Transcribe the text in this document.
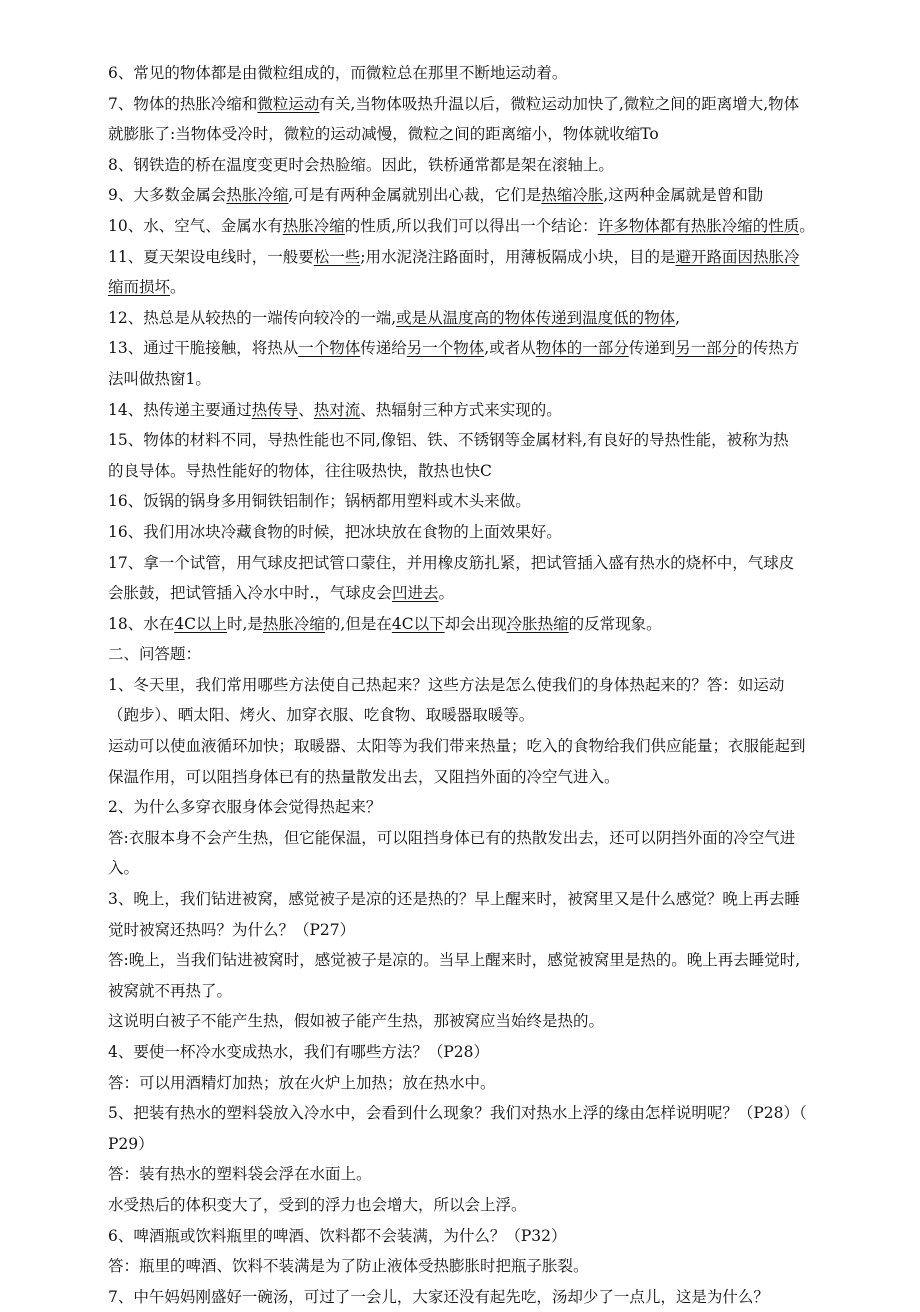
6、常见的物体都是由微粒组成的，而微粒总在那里不断地运动着。
7、物体的热胀冷缩和微粒运动有关,当物体吸热升温以后，微粒运动加快了,微粒之间的距离增大,物体
就膨胀了:当物体受冷时，微粒的运动减慢，微粒之间的距离缩小，物体就收缩To
8、钢铁造的桥在温度变更时会热脸缩。因此，铁桥通常都是架在滚轴上。
9、大多数金属会热胀冷缩,可是有两种金属就别出心裁，它们是热缩冷胀,这两种金属就是曾和勖
10、水、空气、金属水有热胀冷缩的性质,所以我们可以得出一个结论：许多物体都有热胀冷缩的性质。
11、夏天架设电线时，一般要松一些;用水泥浇注路面时，用薄板隔成小块，目的是避开路面因热胀冷
缩而损坏。
12、热总是从较热的一端传向较冷的一端,或是从温度高的物体传递到温度低的物体,
13、通过干脆接触，将热从一个物体传递给另一个物体,或者从物体的一部分传递到另一部分的传热方
法叫做热窗1。
14、热传递主要通过热传导、热对流、热辐射三种方式来实现的。
15、物体的材料不同，导热性能也不同,像铝、铁、不锈钢等金属材料,有良好的导热性能，被称为热
的良导体。导热性能好的物体，往往吸热快，散热也快C
16、饭锅的锅身多用铜铁铝制作；锅柄都用塑料或木头来做。
16、我们用冰块冷藏食物的时候，把冰块放在食物的上面效果好。
17、拿一个试管，用气球皮把试管口蒙住，并用橡皮筋扎紧，把试管插入盛有热水的烧杯中，气球皮
会胀鼓，把试管插入冷水中时.，气球皮会凹进去。
18、水在4C以上时,是热胀冷缩的,但是在4C以下却会出现冷胀热缩的反常现象。
二、问答题：
1、冬天里，我们常用哪些方法使自己热起来？这些方法是怎么使我们的身体热起来的？答：如运动
（跑步）、晒太阳、烤火、加穿衣服、吃食物、取暖器取暖等。
运动可以使血液循环加快；取暖器、太阳等为我们带来热量；吃入的食物给我们供应能量；衣服能起到
保温作用，可以阻挡身体已有的热量散发出去，又阻挡外面的冷空气进入。
2、为什么多穿衣服身体会觉得热起来？
答:衣服本身不会产生热，但它能保温，可以阻挡身体已有的热散发出去，还可以阴挡外面的冷空气进
入。
3、晚上，我们钻进被窝，感觉被子是凉的还是热的？早上醒来时，被窝里又是什么感觉？晚上再去睡
觉时被窝还热吗？为什么？（P27）
答:晚上，当我们钻进被窝时，感觉被子是凉的。当早上醒来时，感觉被窝里是热的。晚上再去睡觉时,
被窝就不再热了。
这说明白被子不能产生热，假如被子能产生热，那被窝应当始终是热的。
4、要使一杯冷水变成热水，我们有哪些方法？（P28）
答：可以用酒精灯加热；放在火炉上加热；放在热水中。
5、把装有热水的塑料袋放入冷水中，会看到什么现象？我们对热水上浮的缘由怎样说明呢？（P28）（
P29）
答：装有热水的塑料袋会浮在水面上。
水受热后的体积变大了，受到的浮力也会增大，所以会上浮。
6、啤酒瓶或饮料瓶里的啤酒、饮料都不会装满，为什么？（P32）
答：瓶里的啤酒、饮料不装满是为了防止液体受热膨胀时把瓶子胀裂。
7、中午妈妈刚盛好一碗汤，可过了一会儿，大家还没有起先吃，汤却少了一点儿，这是为什么？
